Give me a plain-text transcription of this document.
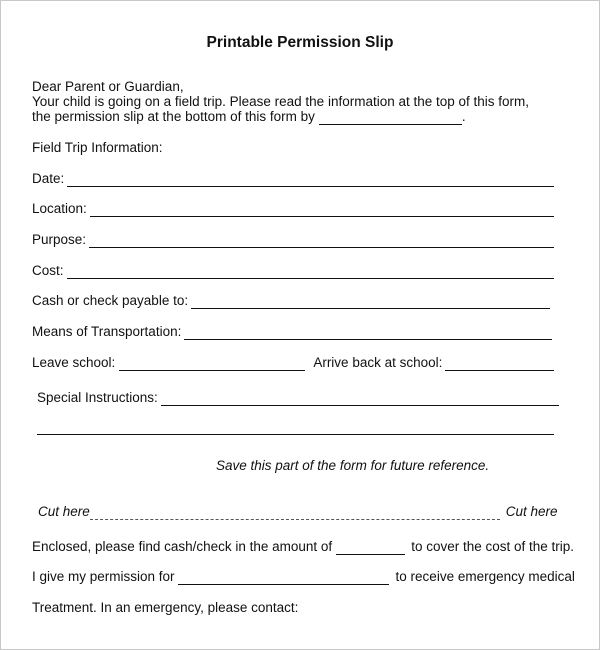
Printable Permission Slip
Dear Parent or Guardian,
Your child is going on a field trip. Please read the information at the top of this form,
the permission slip at the bottom of this form by	.
Field Trip Information:
Date:
Location:
Purpose:
Cost:
Cash or check payable to:
Means of Transportation:
Leave school:	Arrive back at school:
Special Instructions:
Save this part of the form for future reference.
Cut here	Cut here
Enclosed, please find cash/check in the amount of	to cover the cost of the trip.
I give my permission for	to receive emergency medical
Treatment. In an emergency, please contact:
